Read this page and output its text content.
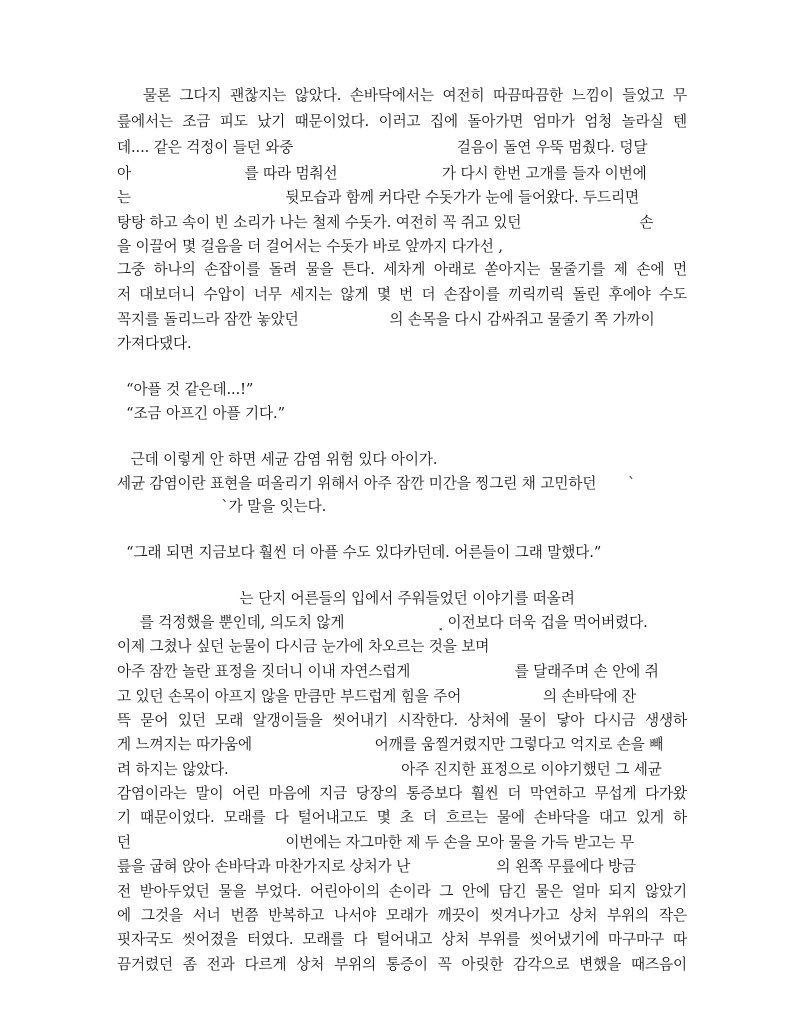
물론 그다지 괜찮지는 않았다. 손바닥에서는 여전히 따끔따끔한 느낌이 들었고 무
릎에서는 조금 피도 났기 때문이었다. 이러고 집에 돌아가면 엄마가 엄청 놀라실 텐
데.... 같은 걱정이 들던 와중                                    걸음이 돌연 우뚝 멈췄다. 덩달
아                         를 따라 멈춰선                       가 다시 한번 고개를 들자 이번에
는                                  뒷모습과 함께 커다란 수돗가가 눈에 들어왔다. 두드리면
탕탕 하고 속이 빈 소리가 나는 철제 수돗가. 여전히 꼭 쥐고 있던                          손
을 이끌어 몇 걸음을 더 걸어서는 수돗가 바로 앞까지 다가선 ,
그중 하나의 손잡이를 돌려 물을 튼다. 세차게 아래로 쏟아지는 물줄기를 제 손에 먼
저 대보더니 수압이 너무 세지는 않게 몇 번 더 손잡이를 끼릭끼릭 돌린 후에야 수도
꼭지를 돌리느라 잠깐 놓았던                    의 손목을 다시 감싸쥐고 물줄기 쪽 가까이
가져다댔다.
“아플 것 같은데...!”
“조금 아프긴 아플 기다.”
근데 이렇게 안 하면 세균 감염 위험 있다 아이가.
세균 감염이란 표현을 떠올리기 위해서 아주 잠깐 미간을 찡그린 채 고민하던       `
`가 말을 잇는다.
“그래 되면 지금보다 훨씬 더 아플 수도 있다카던데. 어른들이 그래 말했다.”
는 단지 어른들의 입에서 주워들었던 이야기를 떠올려
를 걱정했을 뿐인데, 의도치 않게                     ⸼ 이전보다 더욱 겁을 먹어버렸다.
이제 그쳤나 싶던 눈물이 다시금 눈가에 차오르는 것을 보며
아주 잠깐 놀란 표정을 짓더니 이내 자연스럽게                       를 달래주며 손 안에 쥐
고 있던 손목이 아프지 않을 만큼만 부드럽게 힘을 주어                  의 손바닥에 잔
뜩 묻어 있던 모래 알갱이들을 씻어내기 시작한다. 상처에 물이 닿아 다시금 생생하
게 느껴지는 따가움에                           어깨를 움찔거렸지만 그렇다고 억지로 손을 빼
려 하지는 않았다.                                      아주 진지한 표정으로 이야기했던 그 세균
감염이라는 말이 어린 마음에 지금 당장의 통증보다 훨씬 더 막연하고 무섭게 다가왔
기 때문이었다. 모래를 다 털어내고도 몇 초 더 흐르는 물에 손바닥을 대고 있게 하
던                                  이번에는 자그마한 제 두 손을 모아 물을 가득 받고는 무
릎을 굽혀 앉아 손바닥과 마찬가지로 상처가 난                   의 왼쪽 무릎에다 방금
전 받아두었던 물을 부었다. 어린아이의 손이라 그 안에 담긴 물은 얼마 되지 않았기
에 그것을 서너 번쯤 반복하고 나서야 모래가 깨끗이 씻겨나가고 상처 부위의 작은
핏자국도 씻어졌을 터였다. 모래를 다 털어내고 상처 부위를 씻어냈기에 마구마구 따
끔거렸던 좀 전과 다르게 상처 부위의 통증이 꼭 아릿한 감각으로 변했을 때즈음이
